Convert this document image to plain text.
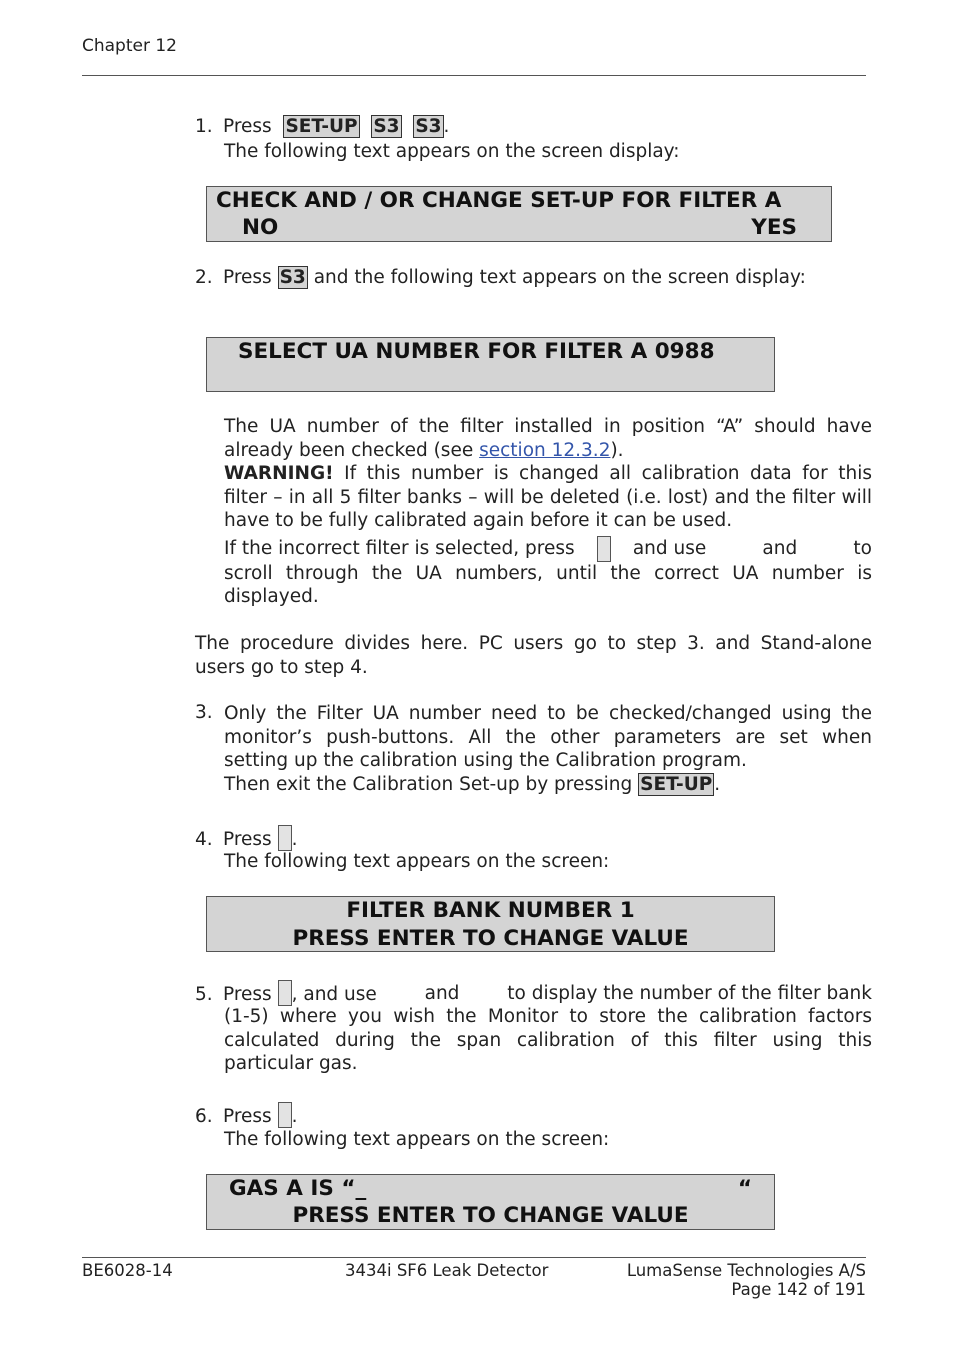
Chapter 12
1. Press SET-UP S3 S3 .
The following text appears on the screen display:
CHECK AND / OR CHANGE SET-UP FOR FILTER A
NO	YES
2. Press S3 and the following text appears on the screen display:
SELECT UA NUMBER FOR FILTER A 0988
The UA number of the filter installed in position “A” should have already been checked (see section 12.3.2).
WARNING! If this number is changed all calibration data for this filter – in all 5 filter banks – will be deleted (i.e. lost) and the filter will have to be fully calibrated again before it can be used.
If the incorrect filter is selected, press	and use	and	to
scroll through the UA numbers, until the correct UA number is
displayed.
The procedure divides here. PC users go to step 3. and Stand-alone users go to step 4.
3. Only the Filter UA number need to be checked/changed using the monitor’s push-buttons. All the other parameters are set when setting up the calibration using the Calibration program.
Then exit the Calibration Set-up by pressing SET-UP .
4. Press .
The following text appears on the screen:
FILTER BANK NUMBER 1
PRESS ENTER TO CHANGE VALUE
5. Press , and use	and	to display the number of the filter bank
(1-5) where you wish the Monitor to store the calibration factors calculated during the span calibration of this filter using this particular gas.
6. Press .
The following text appears on the screen:
GAS A IS “_	“
PRESS ENTER TO CHANGE VALUE
BE6028-14	3434i SF6 Leak Detector	LumaSense Technologies A/S
Page 142 of 191
